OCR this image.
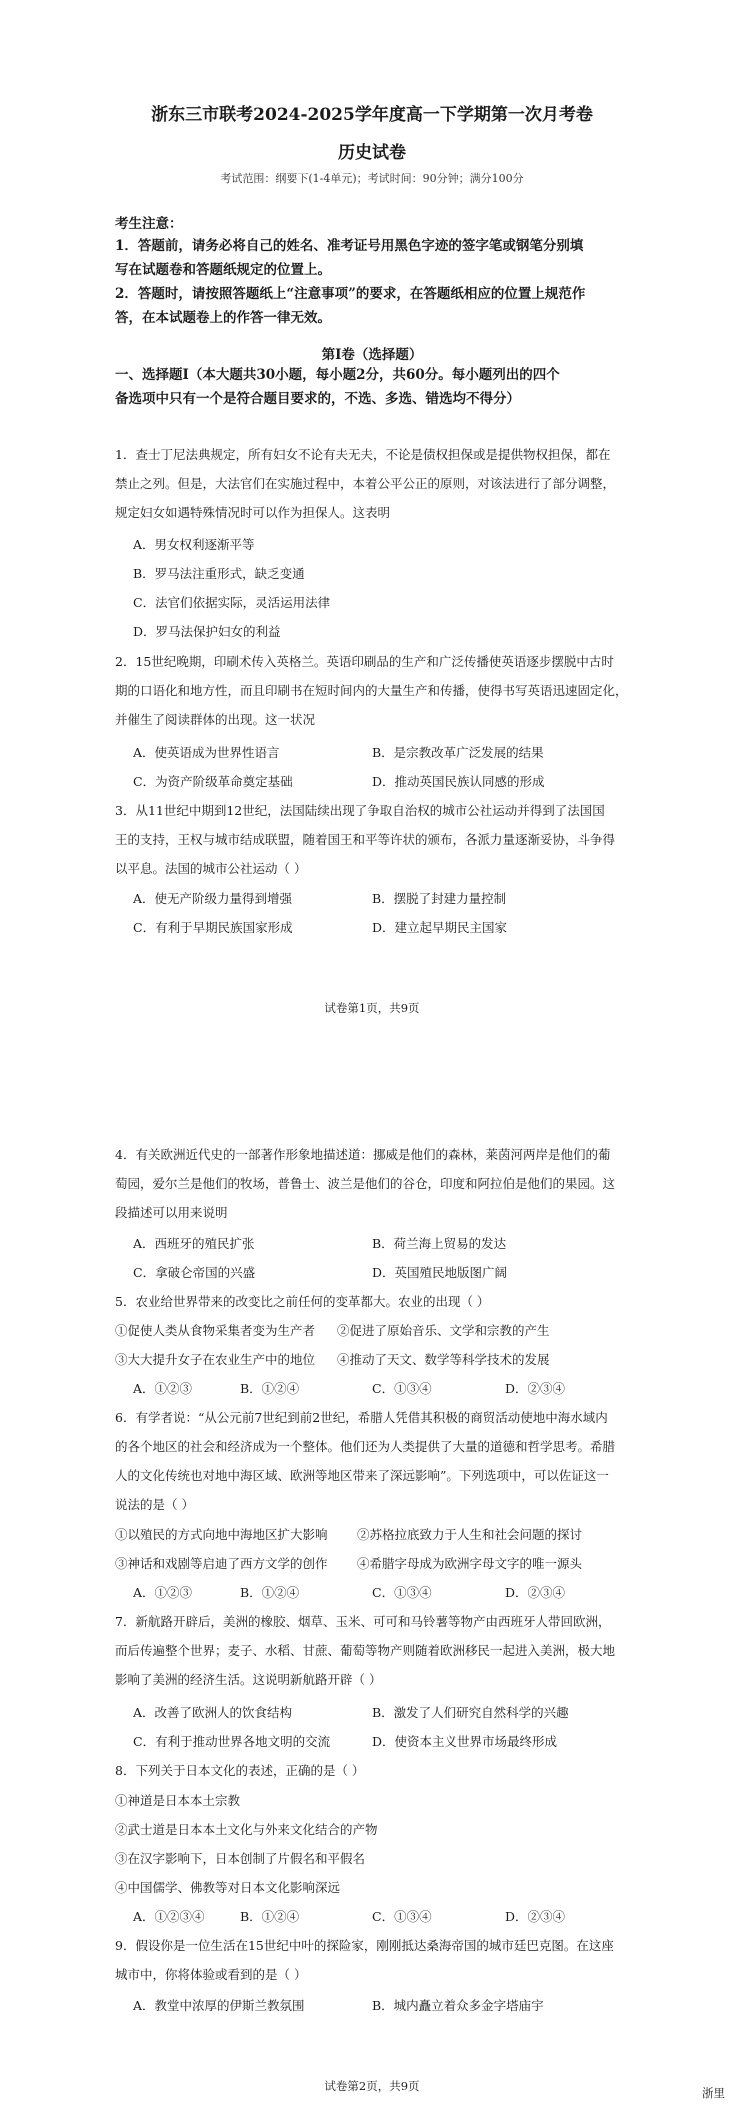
浙东三市联考2024-2025学年度高一下学期第一次月考卷
历史试卷
考试范围：纲要下(1-4单元)；考试时间：90分钟；满分100分
考生注意：
1．答题前，请务必将自己的姓名、准考证号用黑色字迹的签字笔或钢笔分别填
写在试题卷和答题纸规定的位置上。
2．答题时，请按照答题纸上“注意事项”的要求，在答题纸相应的位置上规范作
答，在本试题卷上的作答一律无效。
第Ⅰ卷（选择题）
一、选择题Ⅰ（本大题共30小题，每小题2分，共60分。每小题列出的四个
备选项中只有一个是符合题目要求的，不选、多选、错选均不得分）
1．查士丁尼法典规定，所有妇女不论有夫无夫，不论是债权担保或是提供物权担保，都在
禁止之列。但是，大法官们在实施过程中，本着公平公正的原则，对该法进行了部分调整，
规定妇女如遇特殊情况时可以作为担保人。这表明
A．男女权利逐渐平等
B．罗马法注重形式，缺乏变通
C．法官们依据实际，灵活运用法律
D．罗马法保护妇女的利益
2．15世纪晚期，印刷术传入英格兰。英语印刷品的生产和广泛传播使英语逐步摆脱中古时
期的口语化和地方性，而且印刷书在短时间内的大量生产和传播，使得书写英语迅速固定化，
并催生了阅读群体的出现。这一状况
A．使英语成为世界性语言	B．是宗教改革广泛发展的结果
C．为资产阶级革命奠定基础	D．推动英国民族认同感的形成
3．从11世纪中期到12世纪，法国陆续出现了争取自治权的城市公社运动并得到了法国国
王的支持，王权与城市结成联盟，随着国王和平等许状的颁布，各派力量逐渐妥协，斗争得
以平息。法国的城市公社运动（ ）
A．使无产阶级力量得到增强	B．摆脱了封建力量控制
C．有利于早期民族国家形成	D．建立起早期民主国家
试卷第1页，共9页
4．有关欧洲近代史的一部著作形象地描述道：挪威是他们的森林，莱茵河两岸是他们的葡
萄园，爱尔兰是他们的牧场，普鲁士、波兰是他们的谷仓，印度和阿拉伯是他们的果园。这
段描述可以用来说明
A．西班牙的殖民扩张	B．荷兰海上贸易的发达
C．拿破仑帝国的兴盛	D．英国殖民地版图广阔
5．农业给世界带来的改变比之前任何的变革都大。农业的出现（ ）
①促使人类从食物采集者变为生产者 ②促进了原始音乐、文学和宗教的产生
③大大提升女子在农业生产中的地位 ④推动了天文、数学等科学技术的发展
A．①②③	B．①②④	C．①③④	D．②③④
6．有学者说：“从公元前7世纪到前2世纪，希腊人凭借其积极的商贸活动使地中海水域内
的各个地区的社会和经济成为一个整体。他们还为人类提供了大量的道德和哲学思考。希腊
人的文化传统也对地中海区域、欧洲等地区带来了深远影响”。下列选项中，可以佐证这一
说法的是（ ）
①以殖民的方式向地中海地区扩大影响 ②苏格拉底致力于人生和社会问题的探讨
③神话和戏剧等启迪了西方文学的创作 ④希腊字母成为欧洲字母文字的唯一源头
A．①②③	B．①②④	C．①③④	D．②③④
7．新航路开辟后，美洲的橡胶、烟草、玉米、可可和马铃薯等物产由西班牙人带回欧洲，
而后传遍整个世界；麦子、水稻、甘蔗、葡萄等物产则随着欧洲移民一起进入美洲，极大地
影响了美洲的经济生活。这说明新航路开辟（ ）
A．改善了欧洲人的饮食结构	B．激发了人们研究自然科学的兴趣
C．有利于推动世界各地文明的交流	D．使资本主义世界市场最终形成
8．下列关于日本文化的表述，正确的是（ ）
①神道是日本本土宗教
②武士道是日本本土文化与外来文化结合的产物
③在汉字影响下，日本创制了片假名和平假名
④中国儒学、佛教等对日本文化影响深远
A．①②③④	B．①②④	C．①③④	D．②③④
9．假设你是一位生活在15世纪中叶的探险家，刚刚抵达桑海帝国的城市廷巴克图。在这座
城市中，你将体验或看到的是（ ）
A．教堂中浓厚的伊斯兰教氛围	B．城内矗立着众多金字塔庙宇
试卷第2页，共9页	浙里
